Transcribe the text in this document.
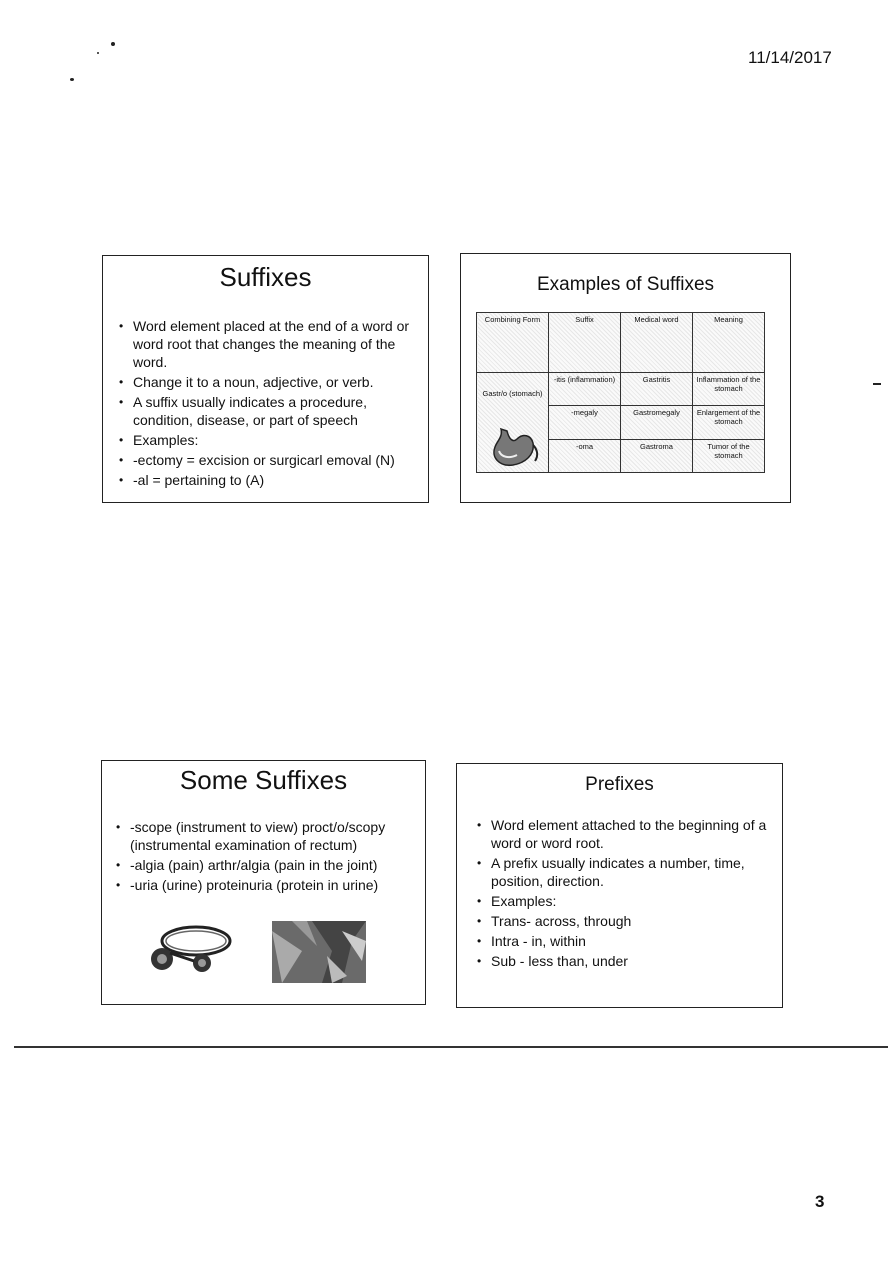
11/14/2017
Suffixes
• Word element placed at the end of a word or word root that changes the meaning of the word.
• Change it to a noun, adjective, or verb.
• A suffix usually indicates a procedure, condition, disease, or part of speech
• Examples:
• -ectomy = excision or surgicarl emoval (N)
• -al = pertaining to (A)
Examples of Suffixes
Combining Form	Suffix	Medical word	Meaning

Gastr/o (stomach)	-itis (inflammation)	Gastritis	Inflammation of the stomach
	-megaly	Gastromegaly	Enlargement of the stomach
	-oma	Gastroma	Tumor of the stomach
Some Suffixes
• -scope (instrument to view) proct/o/scopy (instrumental examination of rectum)
• -algia (pain) arthr/algia (pain in the joint)
• -uria (urine) proteinuria (protein in urine)
Prefixes
• Word element attached to the beginning of a word or word root.
• A prefix usually indicates a number, time, position, direction.
• Examples:
• Trans- across, through
• Intra - in, within
• Sub - less than, under
3
